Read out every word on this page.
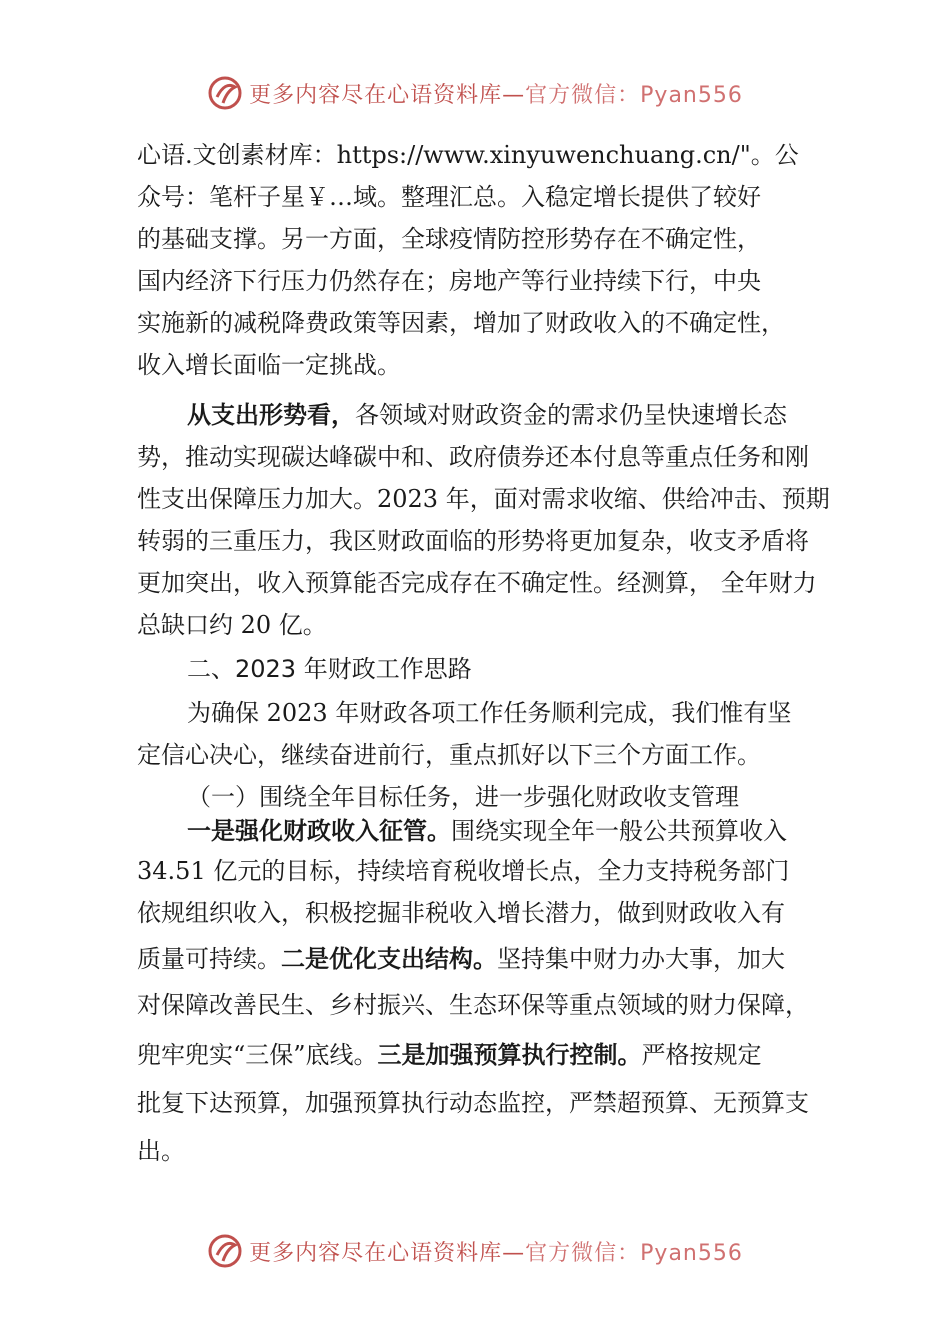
更多内容尽在心语资料库—官方微信：Pyan556
心语.文创素材库：https://www.xinyuwenchuang.cn/"。公
众号：笔杆子星￥…域。整理汇总。入稳定增长提供了较好
的基础支撑。另一方面，全球疫情防控形势存在不确定性，
国内经济下行压力仍然存在；房地产等行业持续下行，中央
实施新的减税降费政策等因素，增加了财政收入的不确定性，
收入增长面临一定挑战。
从支出形势看，各领域对财政资金的需求仍呈快速增长态
势，推动实现碳达峰碳中和、政府债券还本付息等重点任务和刚
性支出保障压力加大。2023 年，面对需求收缩、供给冲击、预期
转弱的三重压力，我区财政面临的形势将更加复杂，收支矛盾将
更加突出，收入预算能否完成存在不确定性。经测算， 全年财力
总缺口约 20 亿。
二、2023 年财政工作思路
为确保 2023 年财政各项工作任务顺利完成，我们惟有坚
定信心决心，继续奋进前行，重点抓好以下三个方面工作。
（一）围绕全年目标任务，进一步强化财政收支管理
一是强化财政收入征管。围绕实现全年一般公共预算收入
34.51 亿元的目标，持续培育税收增长点，全力支持税务部门
依规组织收入，积极挖掘非税收入增长潜力，做到财政收入有
质量可持续。二是优化支出结构。坚持集中财力办大事，加大
对保障改善民生、乡村振兴、生态环保等重点领域的财力保障，
兜牢兜实“三保”底线。三是加强预算执行控制。严格按规定
批复下达预算，加强预算执行动态监控，严禁超预算、无预算支
出。
更多内容尽在心语资料库—官方微信：Pyan556
